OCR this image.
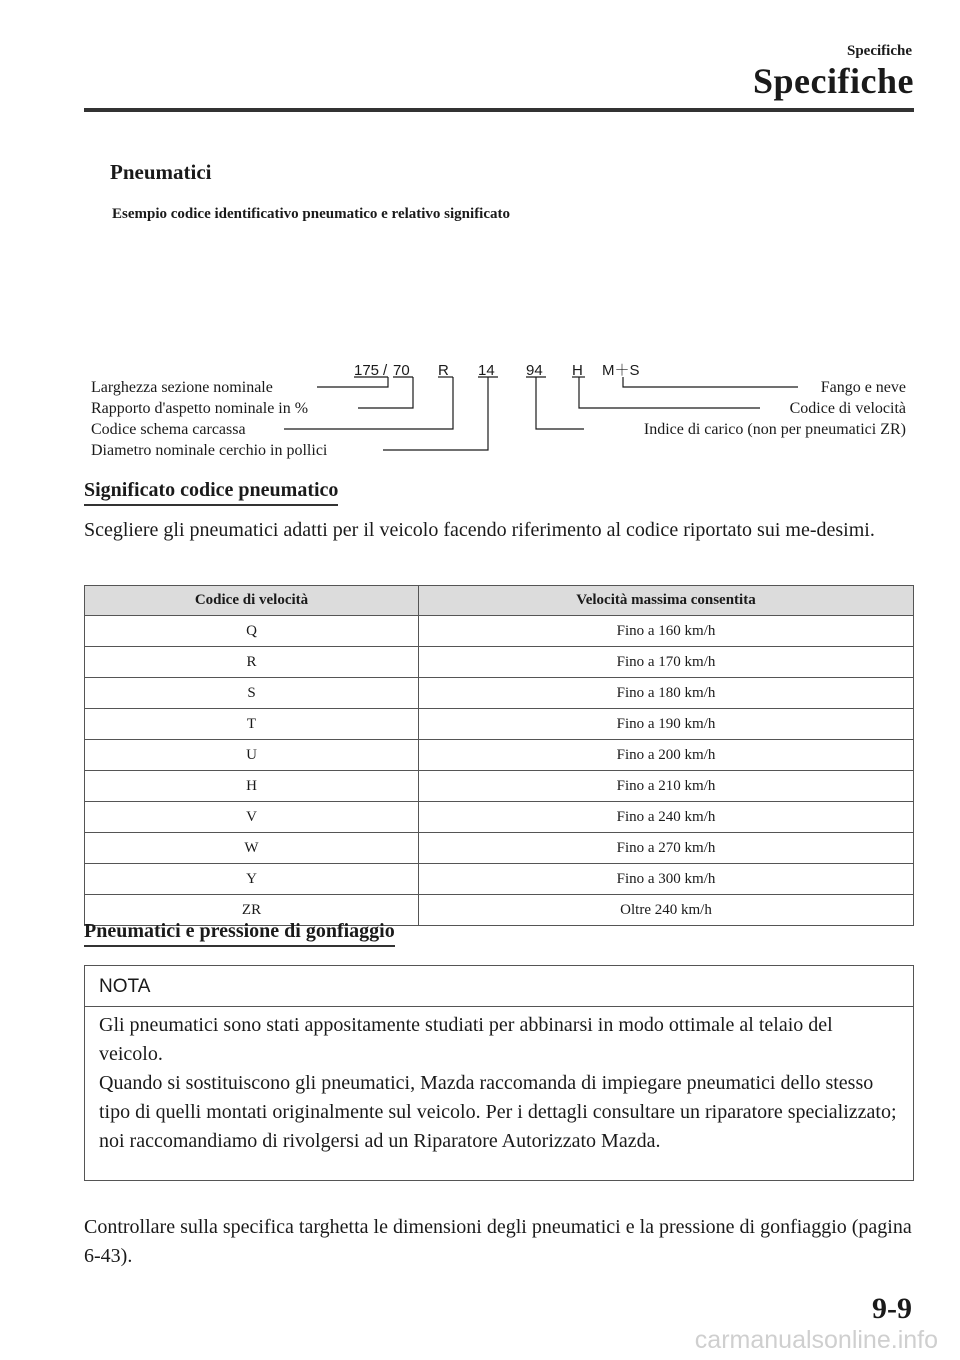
Specifiche
Specifiche
Pneumatici
Esempio codice identificativo pneumatico e relativo significato
175 / 70 R 14 94 H M＋S
Larghezza sezione nominale
Rapporto d'aspetto nominale in %
Codice schema carcassa
Diametro nominale cerchio in pollici
Fango e neve
Codice di velocità
Indice di carico (non per pneumatici ZR)
Significato codice pneumatico
Scegliere gli pneumatici adatti per il veicolo facendo riferimento al codice riportato sui me-desimi.
Codice di velocità	Velocità massima consentita
Q	Fino a 160 km/h
R	Fino a 170 km/h
S	Fino a 180 km/h
T	Fino a 190 km/h
U	Fino a 200 km/h
H	Fino a 210 km/h
V	Fino a 240 km/h
W	Fino a 270 km/h
Y	Fino a 300 km/h
ZR	Oltre 240 km/h
Pneumatici e pressione di gonfiaggio
NOTA

Gli pneumatici sono stati appositamente studiati per abbinarsi in modo ottimale al telaio del veicolo.

Quando si sostituiscono gli pneumatici, Mazda raccomanda di impiegare pneumatici dello stesso tipo di quelli montati originalmente sul veicolo. Per i dettagli consultare un riparatore specializzato; noi raccomandiamo di rivolgersi ad un Riparatore Autorizzato Mazda.

Controllare sulla specifica targhetta le dimensioni degli pneumatici e la pressione di gonfiaggio (pagina 6-43).
9-9
carmanualsonline.info
